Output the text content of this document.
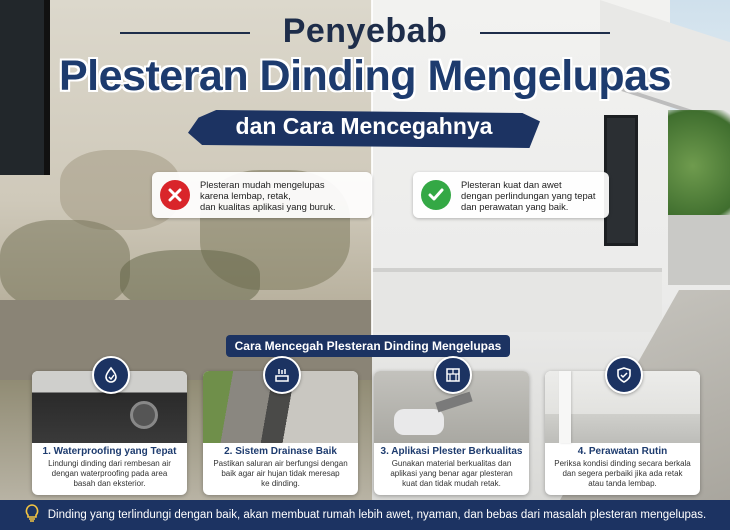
Penyebab
Plesteran Dinding Mengelupas
dan Cara Mencegahnya
Plesteran mudah mengelupas
karena lembap, retak,
dan kualitas aplikasi yang buruk.
Plesteran kuat dan awet
dengan perlindungan yang tepat
dan perawatan yang baik.
Cara Mencegah Plesteran Dinding Mengelupas
1. Waterproofing yang Tepat
Lindungi dinding dari rembesan air
dengan waterproofing pada area
basah dan eksterior.
2. Sistem Drainase Baik
Pastikan saluran air berfungsi dengan
baik agar air hujan tidak meresap
ke dinding.
3. Aplikasi Plester Berkualitas
Gunakan material berkualitas dan
aplikasi yang benar agar plesteran
kuat dan tidak mudah retak.
4. Perawatan Rutin
Periksa kondisi dinding secara berkala
dan segera perbaiki jika ada retak
atau tanda lembap.
Dinding yang terlindungi dengan baik, akan membuat rumah lebih awet, nyaman, dan bebas dari masalah plesteran mengelupas.
